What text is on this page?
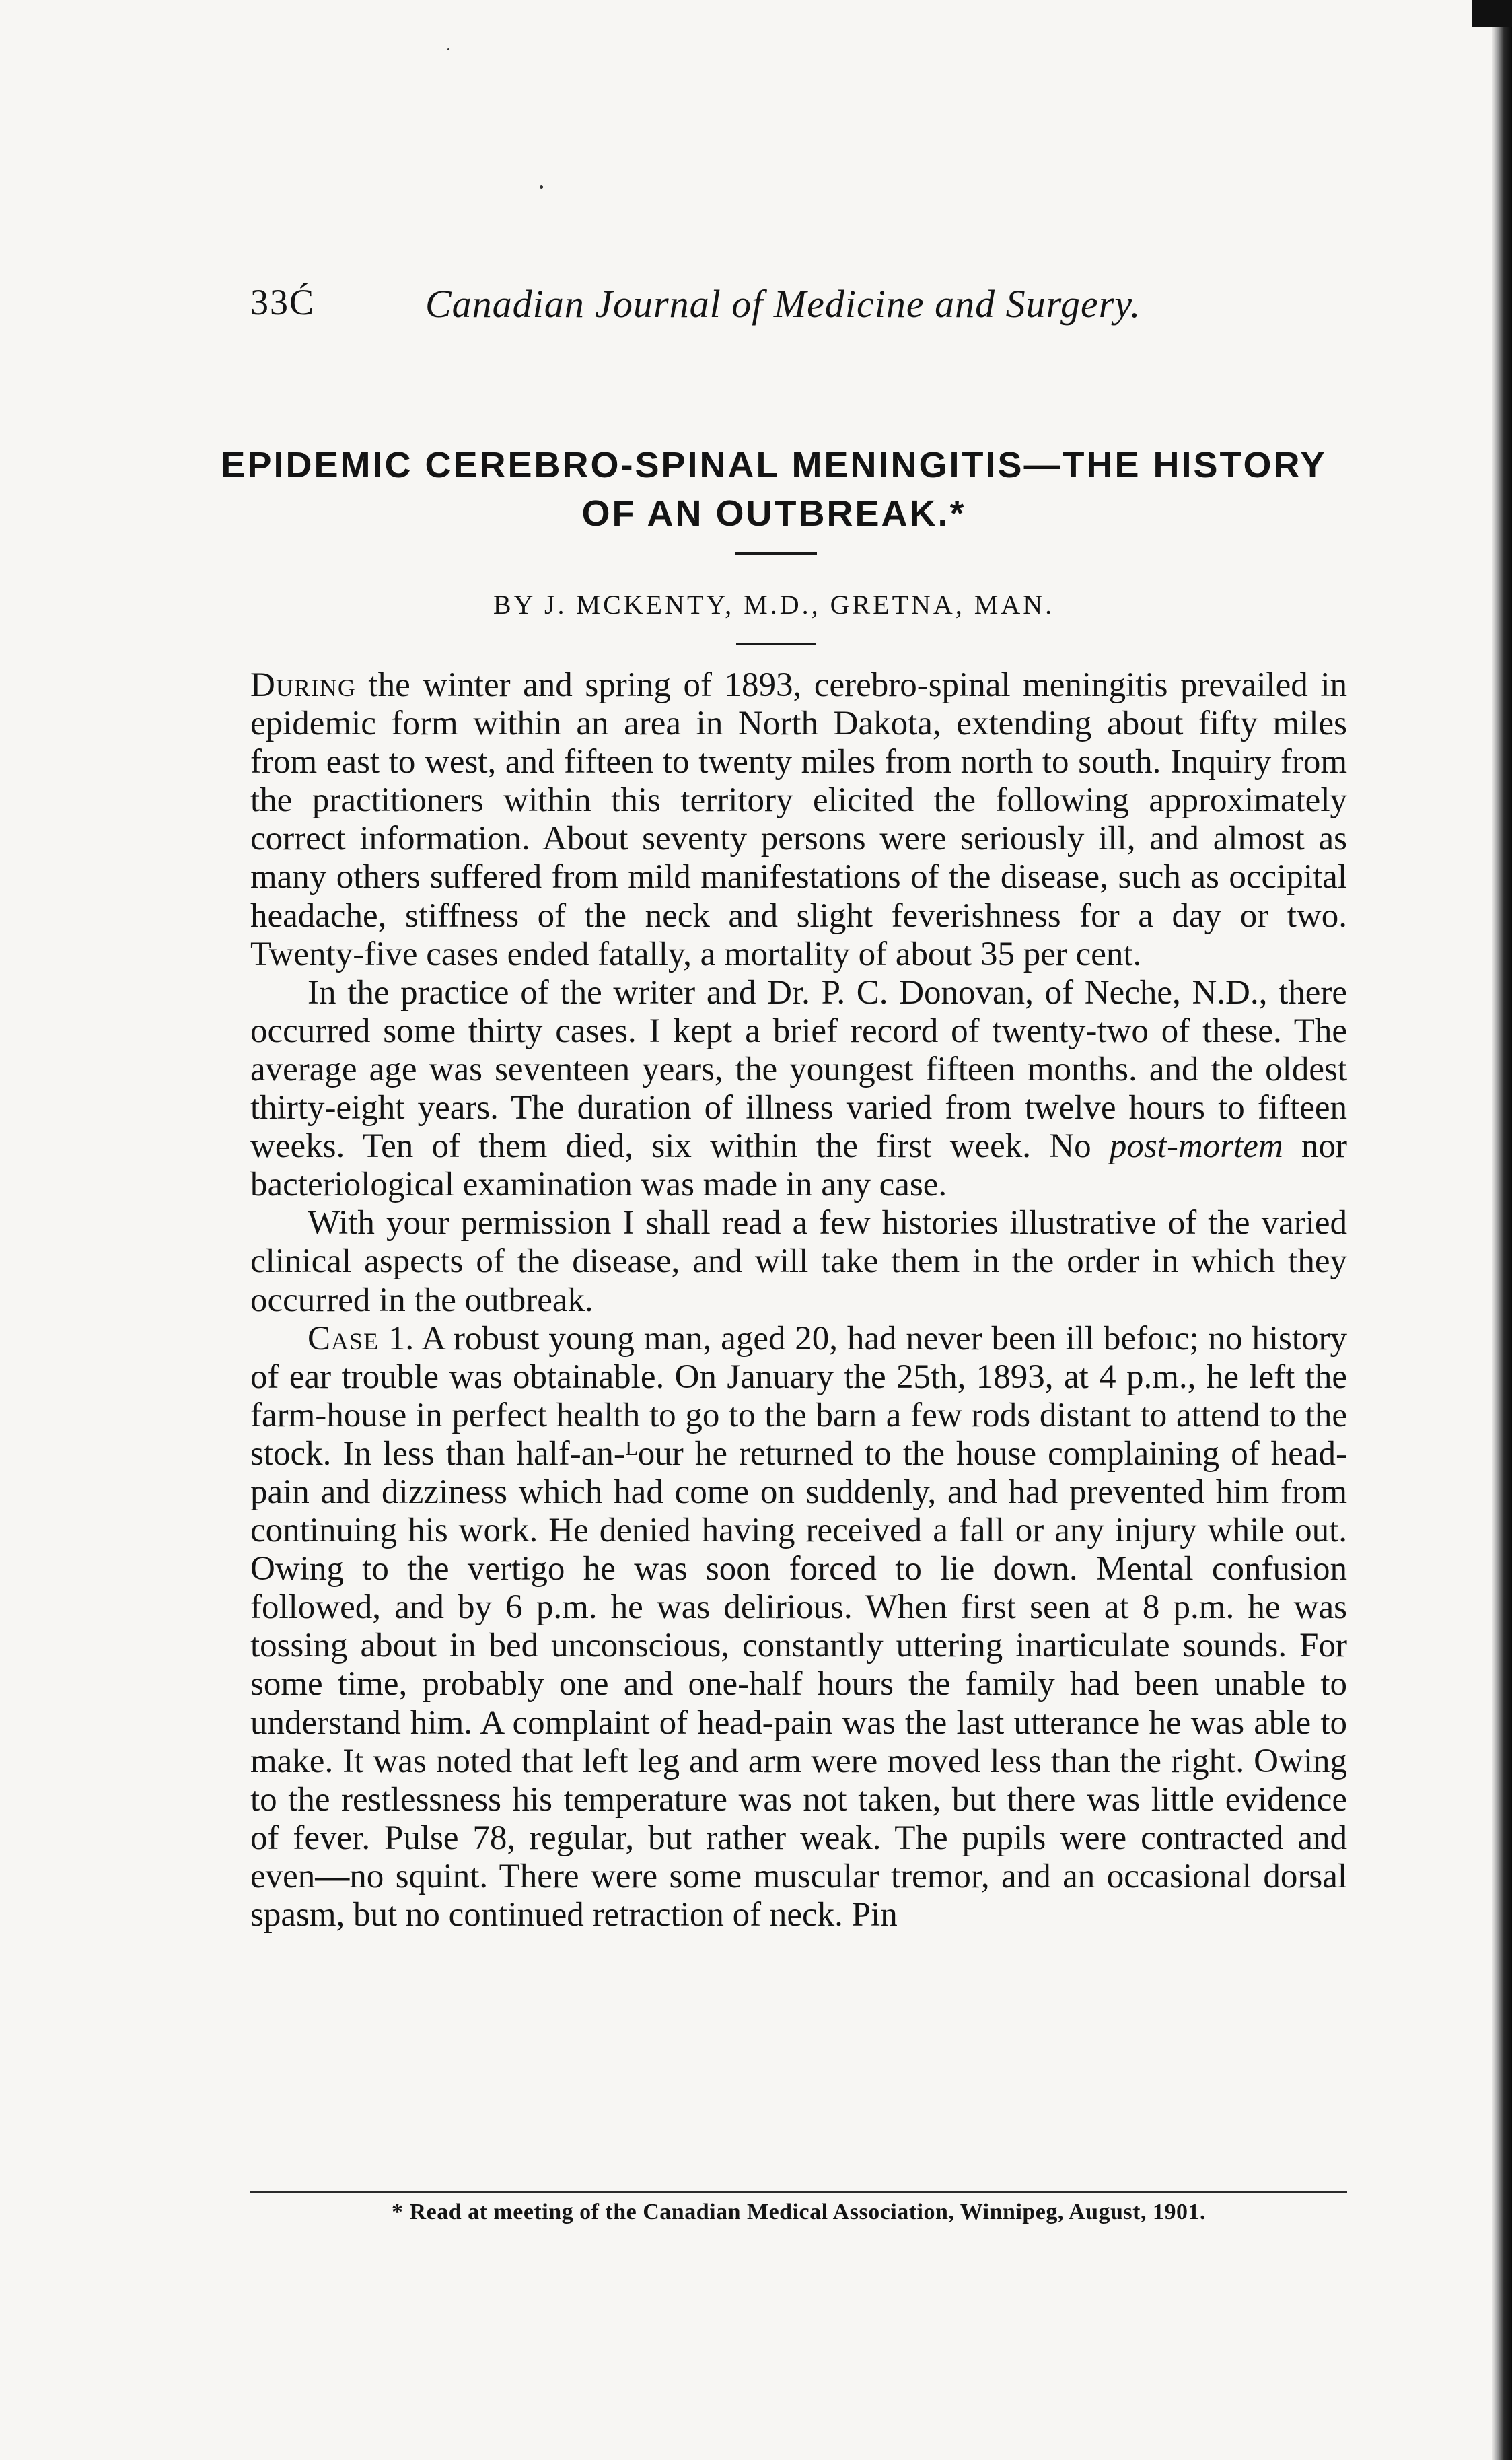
33Ć	Canadian Journal of Medicine and Surgery.
EPIDEMIC CEREBRO-SPINAL MENINGITIS—THE HISTORY OF AN OUTBREAK.*
BY J. MCKENTY, M.D., GRETNA, MAN.

During the winter and spring of 1893, cerebro-spinal meningitis prevailed in epidemic form within an area in North Dakota, extending about fifty miles from east to west, and fifteen to twenty miles from north to south. Inquiry from the practitioners within this territory elicited the following approximately correct information. About seventy persons were seriously ill, and almost as many others suffered from mild manifestations of the disease, such as occipital headache, stiffness of the neck and slight feverishness for a day or two. Twenty-five cases ended fatally, a mortality of about 35 per cent.

In the practice of the writer and Dr. P. C. Donovan, of Neche, N.D., there occurred some thirty cases. I kept a brief record of twenty-two of these. The average age was seventeen years, the youngest fifteen months. and the oldest thirty-eight years. The duration of illness varied from twelve hours to fifteen weeks. Ten of them died, six within the first week. No post-mortem nor bacteriological examination was made in any case.

With your permission I shall read a few histories illustrative of the varied clinical aspects of the disease, and will take them in the order in which they occurred in the outbreak.

Case 1. A robust young man, aged 20, had never been ill befoıc; no history of ear trouble was obtainable. On January the 25th, 1893, at 4 p.m., he left the farm-house in perfect health to go to the barn a few rods distant to attend to the stock. In less than half-an-ᴸour he returned to the house complaining of head-pain and dizziness which had come on suddenly, and had prevented him from continuing his work. He denied having received a fall or any injury while out. Owing to the vertigo he was soon forced to lie down. Mental confusion followed, and by 6 p.m. he was delirious. When first seen at 8 p.m. he was tossing about in bed unconscious, constantly uttering inarticulate sounds. For some time, probably one and one-half hours the family had been unable to understand him. A complaint of head-pain was the last utterance he was able to make. It was noted that left leg and arm were moved less than the right. Owing to the restlessness his temperature was not taken, but there was little evidence of fever. Pulse 78, regular, but rather weak. The pupils were contracted and even—no squint. There were some muscular tremor, and an occasional dorsal spasm, but no continued retraction of neck. Pin

* Read at meeting of the Canadian Medical Association, Winnipeg, August, 1901.
